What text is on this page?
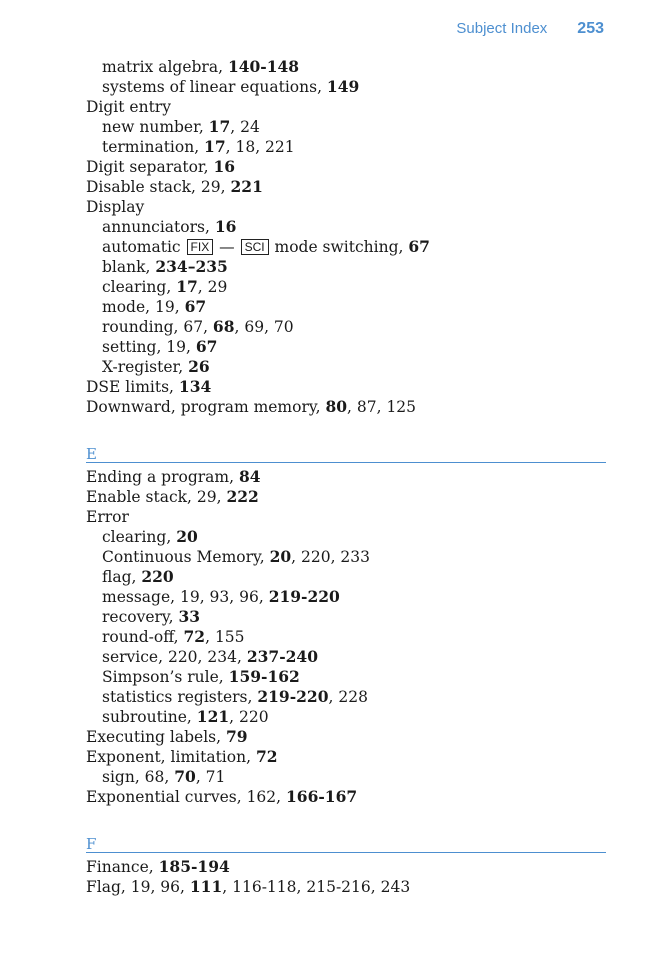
Subject Index 253
matrix algebra, 140-148
systems of linear equations, 149
Digit entry
new number, 17, 24
termination, 17, 18, 221
Digit separator, 16
Disable stack, 29, 221
Display
annunciators, 16
automatic FIX — SCI mode switching, 67
blank, 234–235
clearing, 17, 29
mode, 19, 67
rounding, 67, 68, 69, 70
setting, 19, 67
X-register, 26
DSE limits, 134
Downward, program memory, 80, 87, 125
E
Ending a program, 84
Enable stack, 29, 222
Error
clearing, 20
Continuous Memory, 20, 220, 233
flag, 220
message, 19, 93, 96, 219-220
recovery, 33
round-off, 72, 155
service, 220, 234, 237-240
Simpson’s rule, 159-162
statistics registers, 219-220, 228
subroutine, 121, 220
Executing labels, 79
Exponent, limitation, 72
sign, 68, 70, 71
Exponential curves, 162, 166-167
F
Finance, 185-194
Flag, 19, 96, 111, 116-118, 215-216, 243
